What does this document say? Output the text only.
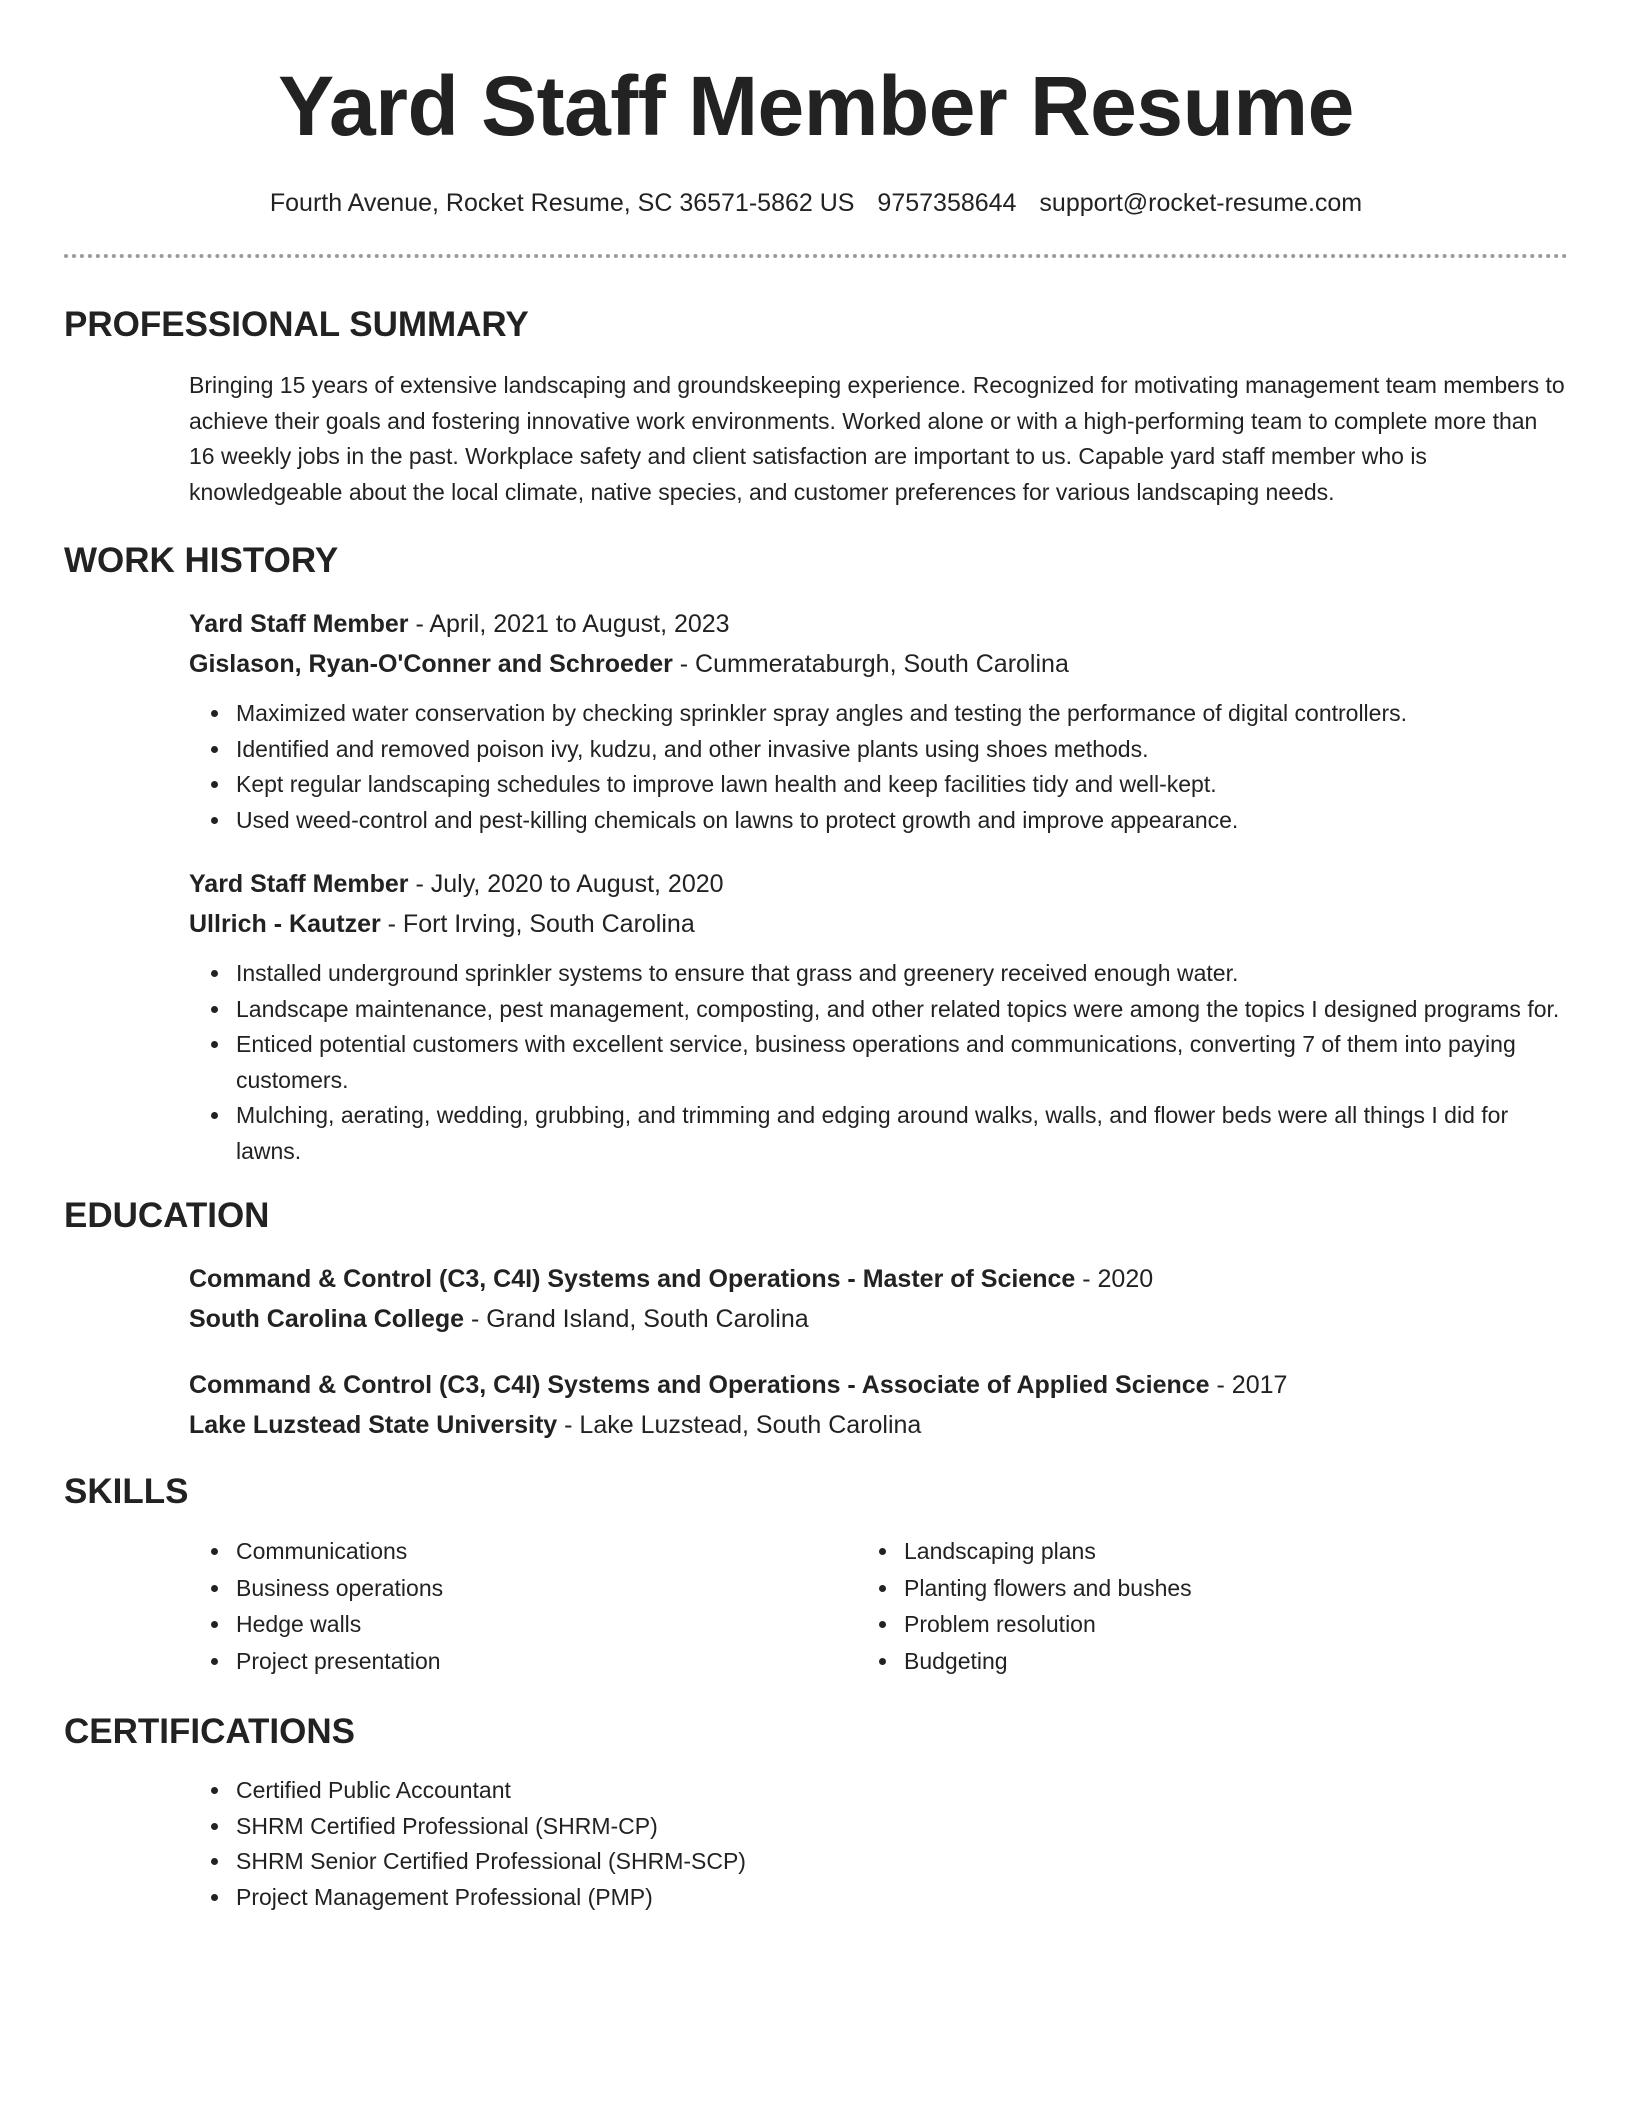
Yard Staff Member Resume
Fourth Avenue, Rocket Resume, SC 36571-5862 US 9757358644 support@rocket-resume.com
PROFESSIONAL SUMMARY

Bringing 15 years of extensive landscaping and groundskeeping experience. Recognized for motivating management team members to achieve their goals and fostering innovative work environments. Worked alone or with a high-performing team to complete more than 16 weekly jobs in the past. Workplace safety and client satisfaction are important to us. Capable yard staff member who is knowledgeable about the local climate, native species, and customer preferences for various landscaping needs.

WORK HISTORY
Yard Staff Member - April, 2021 to August, 2023
Gislason, Ryan-O'Conner and Schroeder - Cummerataburgh, South Carolina
• Maximized water conservation by checking sprinkler spray angles and testing the performance of digital controllers.
• Identified and removed poison ivy, kudzu, and other invasive plants using shoes methods.
• Kept regular landscaping schedules to improve lawn health and keep facilities tidy and well-kept.
• Used weed-control and pest-killing chemicals on lawns to protect growth and improve appearance.
Yard Staff Member - July, 2020 to August, 2020
Ullrich - Kautzer - Fort Irving, South Carolina
• Installed underground sprinkler systems to ensure that grass and greenery received enough water.
• Landscape maintenance, pest management, composting, and other related topics were among the topics I designed programs for.
• Enticed potential customers with excellent service, business operations and communications, converting 7 of them into paying customers.
• Mulching, aerating, wedding, grubbing, and trimming and edging around walks, walls, and flower beds were all things I did for lawns.
EDUCATION
Command & Control (C3, C4I) Systems and Operations - Master of Science - 2020
South Carolina College - Grand Island, South Carolina
Command & Control (C3, C4I) Systems and Operations - Associate of Applied Science - 2017
Lake Luzstead State University - Lake Luzstead, South Carolina
SKILLS
• Communications
• Business operations
• Hedge walls
• Project presentation
• Landscaping plans
• Planting flowers and bushes
• Problem resolution
• Budgeting
CERTIFICATIONS
• Certified Public Accountant
• SHRM Certified Professional (SHRM-CP)
• SHRM Senior Certified Professional (SHRM-SCP)
• Project Management Professional (PMP)
